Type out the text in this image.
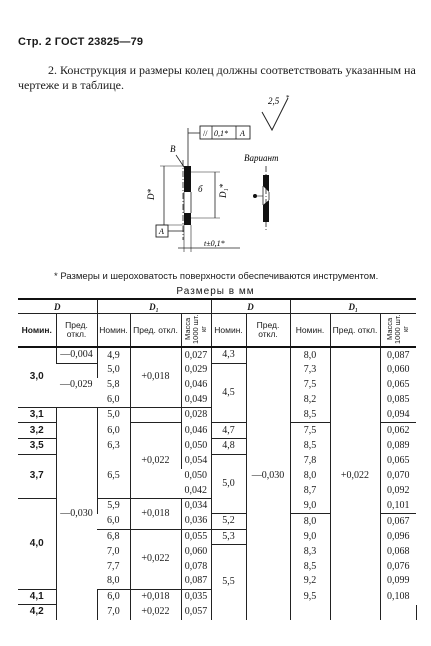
Стр. 2 ГОСТ 23825—79
2. Конструкция и размеры колец должны соответствовать указанным на чертеже и в таблице.
2,5 *
// 0,1* A
B
б
D*	D₁*
A
t±0,1*
Вариант
* Размеры и шероховатость поверхности обеспечиваются инструментом.
Размеры в мм
D		D₁			D		D₁			
Номин.	Пред. откл.	Номин.	Пред. откл.	Масса 1000 шт. кг	Номин.	Пред. откл.	Номин.	Пред. откл.	Масса 1000 шт. кг	
3,0	—0,004	4,9	+0,018	0,027	4,3	—0,030	8,0	+0,022	0,087	
	—0,029	5,0		0,029	4,5		7,3		0,060	
		5,8		0,046			7,5		0,065	
		6,0		0,049			8,2		0,085	
3,1	—0,030	5,0		0,028			8,5		0,094	
3,2		6,0	+0,022	0,046	4,7		7,5		0,062	
3,5		6,3		0,050	4,8		8,5		0,089	
3,7		6,5		0,054	5,0		7,8		0,065	
				0,050			8,0		0,070	
				0,042			8,7		0,092	
4,0		5,9	+0,018	0,034			9,0		0,101	
		6,0		0,036	5,2		8,0		0,067	
		6,8	+0,022	0,055	5,3		9,0		0,096	
		7,0		0,060	5,5		8,3		0,068	
		7,7		0,078			8,5		0,076	
		8,0		0,087			9,2		0,099	
4,1		6,0	+0,018	0,035			9,5		0,108	
4,2		7,0	+0,022	0,057						
